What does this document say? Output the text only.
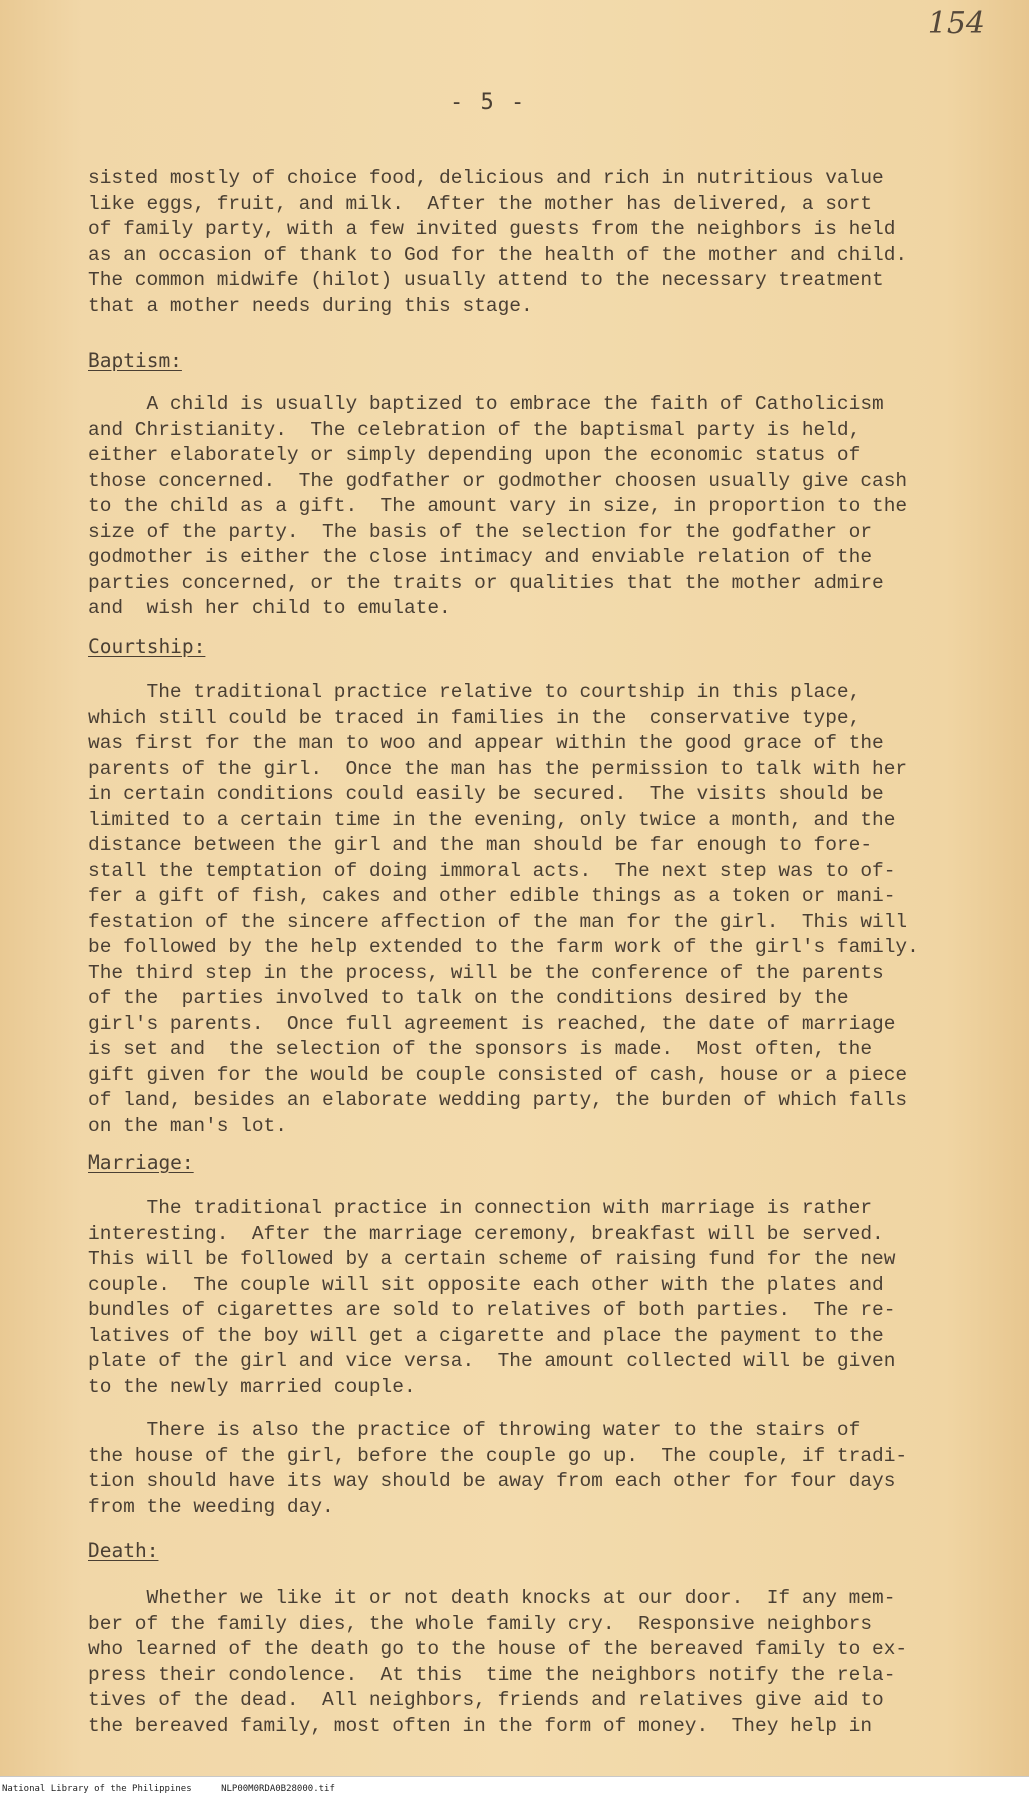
154
- 5 -
sisted mostly of choice food, delicious and rich in nutritious value
like eggs, fruit, and milk.  After the mother has delivered, a sort
of family party, with a few invited guests from the neighbors is held
as an occasion of thank to God for the health of the mother and child.
The common midwife (hilot) usually attend to the necessary treatment
that a mother needs during this stage.
Baptism:
A child is usually baptized to embrace the faith of Catholicism
and Christianity.  The celebration of the baptismal party is held,
either elaborately or simply depending upon the economic status of
those concerned.  The godfather or godmother choosen usually give cash
to the child as a gift.  The amount vary in size, in proportion to the
size of the party.  The basis of the selection for the godfather or
godmother is either the close intimacy and enviable relation of the
parties concerned, or the traits or qualities that the mother admire
and  wish her child to emulate.
Courtship:
The traditional practice relative to courtship in this place,
which still could be traced in families in the  conservative type,
was first for the man to woo and appear within the good grace of the
parents of the girl.  Once the man has the permission to talk with her
in certain conditions could easily be secured.  The visits should be
limited to a certain time in the evening, only twice a month, and the
distance between the girl and the man should be far enough to fore-
stall the temptation of doing immoral acts.  The next step was to of-
fer a gift of fish, cakes and other edible things as a token or mani-
festation of the sincere affection of the man for the girl.  This will
be followed by the help extended to the farm work of the girl's family.
The third step in the process, will be the conference of the parents
of the  parties involved to talk on the conditions desired by the
girl's parents.  Once full agreement is reached, the date of marriage
is set and  the selection of the sponsors is made.  Most often, the
gift given for the would be couple consisted of cash, house or a piece
of land, besides an elaborate wedding party, the burden of which falls
on the man's lot.
Marriage:
The traditional practice in connection with marriage is rather
interesting.  After the marriage ceremony, breakfast will be served.
This will be followed by a certain scheme of raising fund for the new
couple.  The couple will sit opposite each other with the plates and
bundles of cigarettes are sold to relatives of both parties.  The re-
latives of the boy will get a cigarette and place the payment to the
plate of the girl and vice versa.  The amount collected will be given
to the newly married couple.
There is also the practice of throwing water to the stairs of
the house of the girl, before the couple go up.  The couple, if tradi-
tion should have its way should be away from each other for four days
from the weeding day.
Death:
Whether we like it or not death knocks at our door.  If any mem-
ber of the family dies, the whole family cry.  Responsive neighbors
who learned of the death go to the house of the bereaved family to ex-
press their condolence.  At this  time the neighbors notify the rela-
tives of the dead.  All neighbors, friends and relatives give aid to
the bereaved family, most often in the form of money.  They help in
National Library of the Philippines	NLP00M0RDA0B28000.tif
